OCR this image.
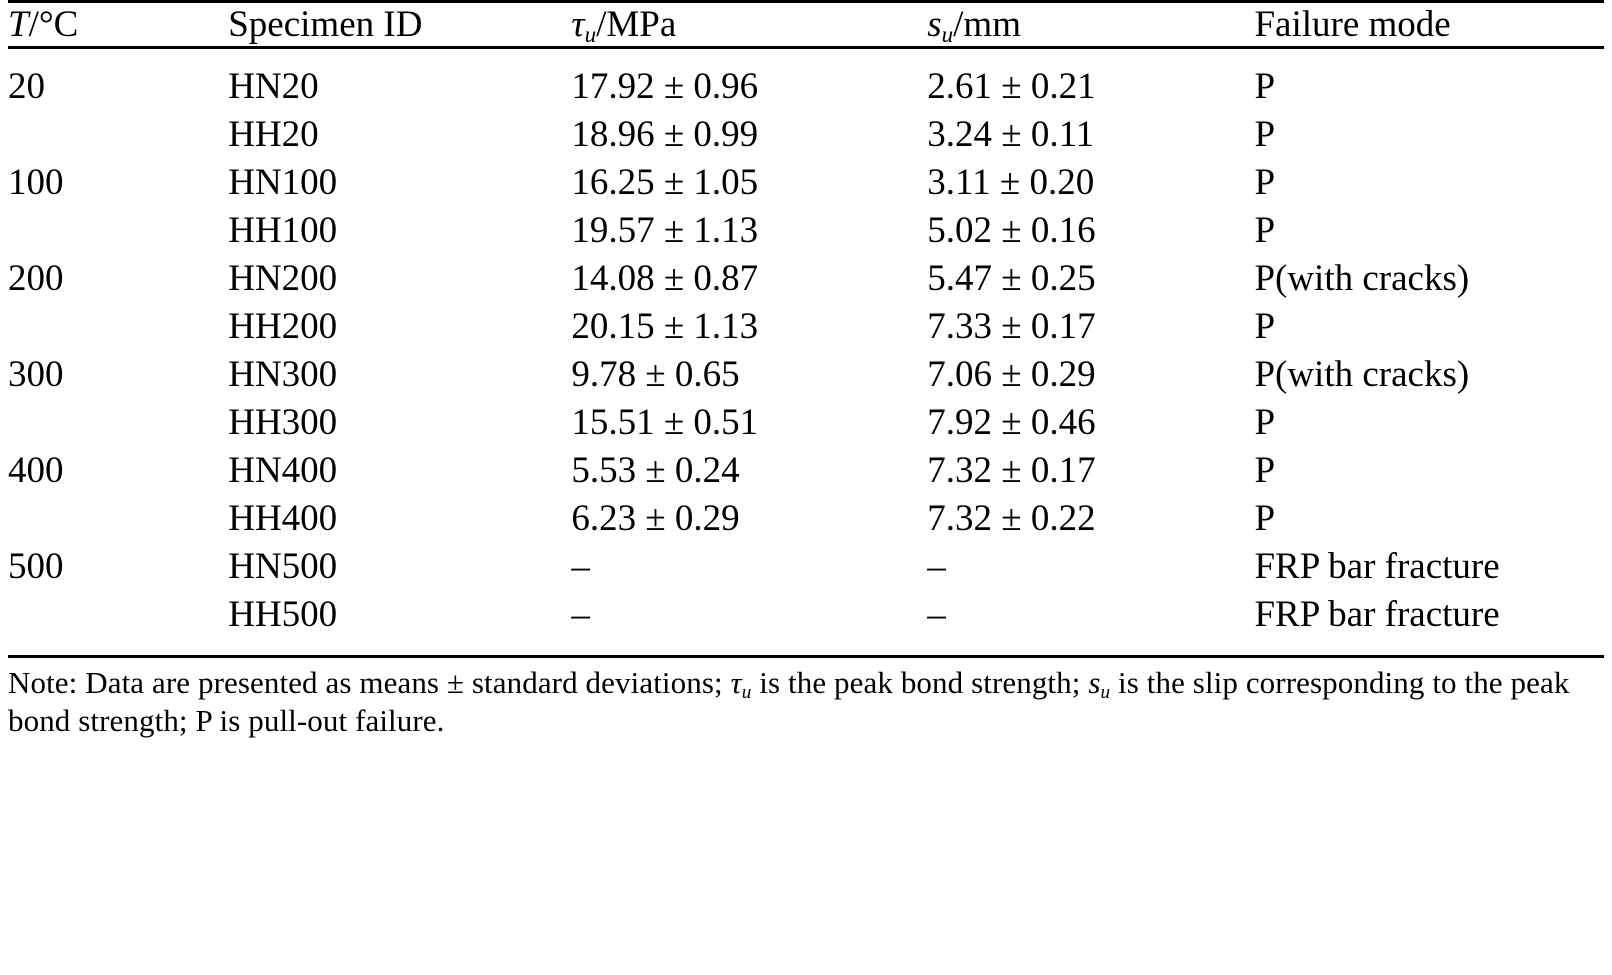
T/°C	Specimen ID	$\tau_u$/MPa	$s_u/mm$	Failure mode
20	HN20	17.92 ± 0.96	2.61 ± 0.21	P
	HH20	18.96 ± 0.99	3.24 ± 0.11	P
100	HN100	16.25 ± 1.05	3.11 ± 0.20	P
	HH100	19.57 ± 1.13	5.02 ± 0.16	P
200	HN200	14.08 ± 0.87	5.47 ± 0.25	P(with cracks)
	HH200	20.15 ± 1.13	7.33 ± 0.17	P
300	HN300	9.78 ± 0.65	7.06 ± 0.29	P(with cracks)
	HH300	15.51 ± 0.51	7.92 ± 0.46	P
400	HN400	5.53 ± 0.24	7.32 ± 0.17	P
	HH400	6.23 ± 0.29	7.32 ± 0.22	P
500	HN500	–	–	FRP bar fracture
	HH500	–	–	FRP bar fracture
Note: Data are presented as means ± standard deviations; $\tau_u$ is the peak bond strength; $s_u$ is the slip corresponding to the peak bond strength; P is pull-out failure.
